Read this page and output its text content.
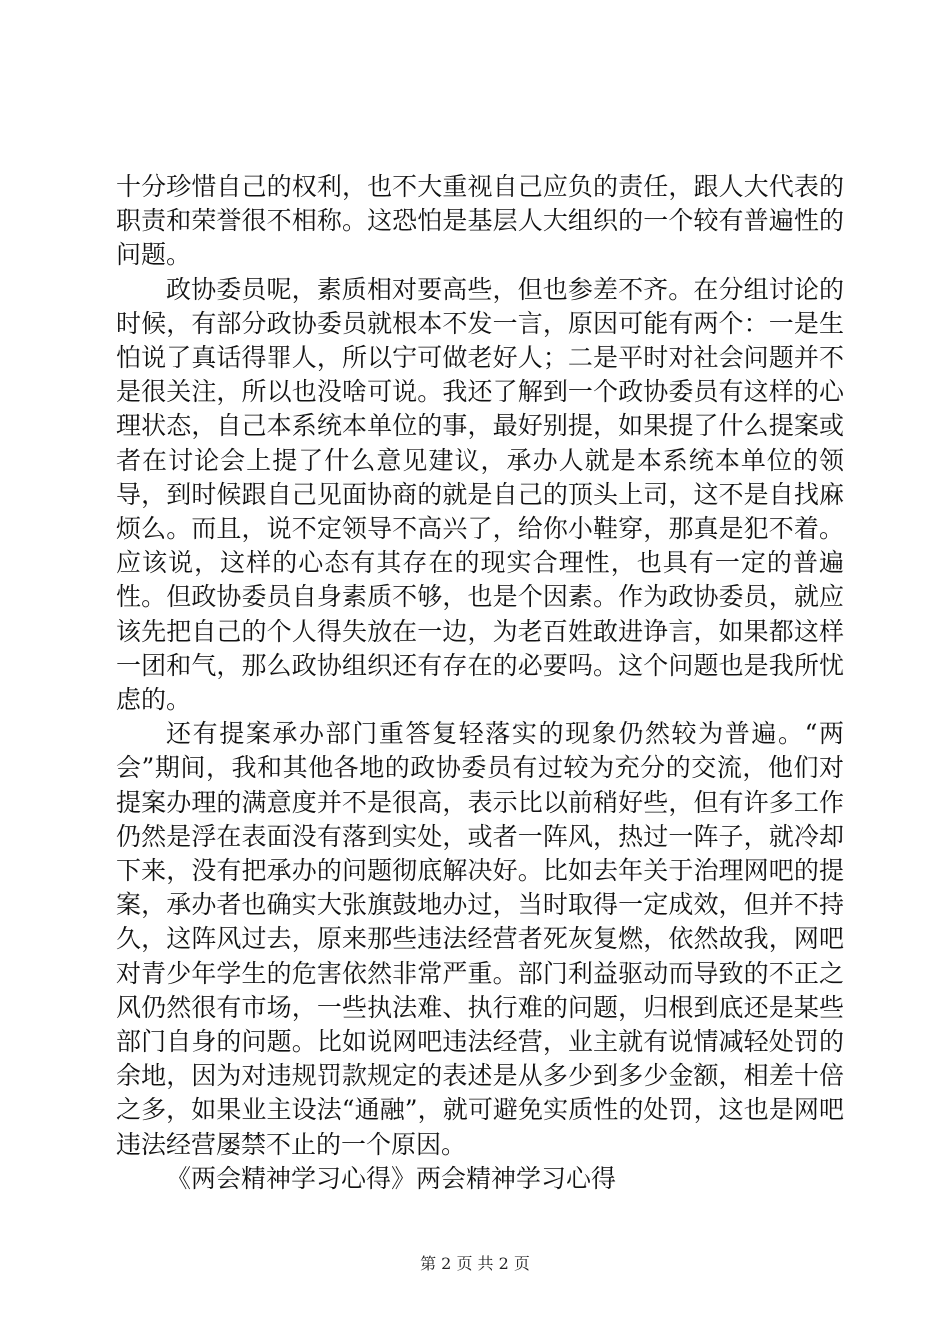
十分珍惜自己的权利，也不大重视自己应负的责任，跟人大代表的职责和荣誉很不相称。这恐怕是基层人大组织的一个较有普遍性的问题。

政协委员呢，素质相对要高些，但也参差不齐。在分组讨论的时候，有部分政协委员就根本不发一言，原因可能有两个：一是生怕说了真话得罪人，所以宁可做老好人；二是平时对社会问题并不是很关注，所以也没啥可说。我还了解到一个政协委员有这样的心理状态，自己本系统本单位的事，最好别提，如果提了什么提案或者在讨论会上提了什么意见建议，承办人就是本系统本单位的领导，到时候跟自己见面协商的就是自己的顶头上司，这不是自找麻烦么。而且，说不定领导不高兴了，给你小鞋穿，那真是犯不着。应该说，这样的心态有其存在的现实合理性，也具有一定的普遍性。但政协委员自身素质不够，也是个因素。作为政协委员，就应该先把自己的个人得失放在一边，为老百姓敢进诤言，如果都这样一团和气，那么政协组织还有存在的必要吗。这个问题也是我所忧虑的。

还有提案承办部门重答复轻落实的现象仍然较为普遍。“两会”期间，我和其他各地的政协委员有过较为充分的交流，他们对提案办理的满意度并不是很高，表示比以前稍好些，但有许多工作仍然是浮在表面没有落到实处，或者一阵风，热过一阵子，就冷却下来，没有把承办的问题彻底解决好。比如去年关于治理网吧的提案，承办者也确实大张旗鼓地办过，当时取得一定成效，但并不持久，这阵风过去，原来那些违法经营者死灰复燃，依然故我，网吧对青少年学生的危害依然非常严重。部门利益驱动而导致的不正之风仍然很有市场，一些执法难、执行难的问题，归根到底还是某些部门自身的问题。比如说网吧违法经营，业主就有说情减轻处罚的余地，因为对违规罚款规定的表述是从多少到多少金额，相差十倍之多，如果业主设法“通融”，就可避免实质性的处罚，这也是网吧违法经营屡禁不止的一个原因。

《两会精神学习心得》两会精神学习心得

第 2 页 共 2 页
